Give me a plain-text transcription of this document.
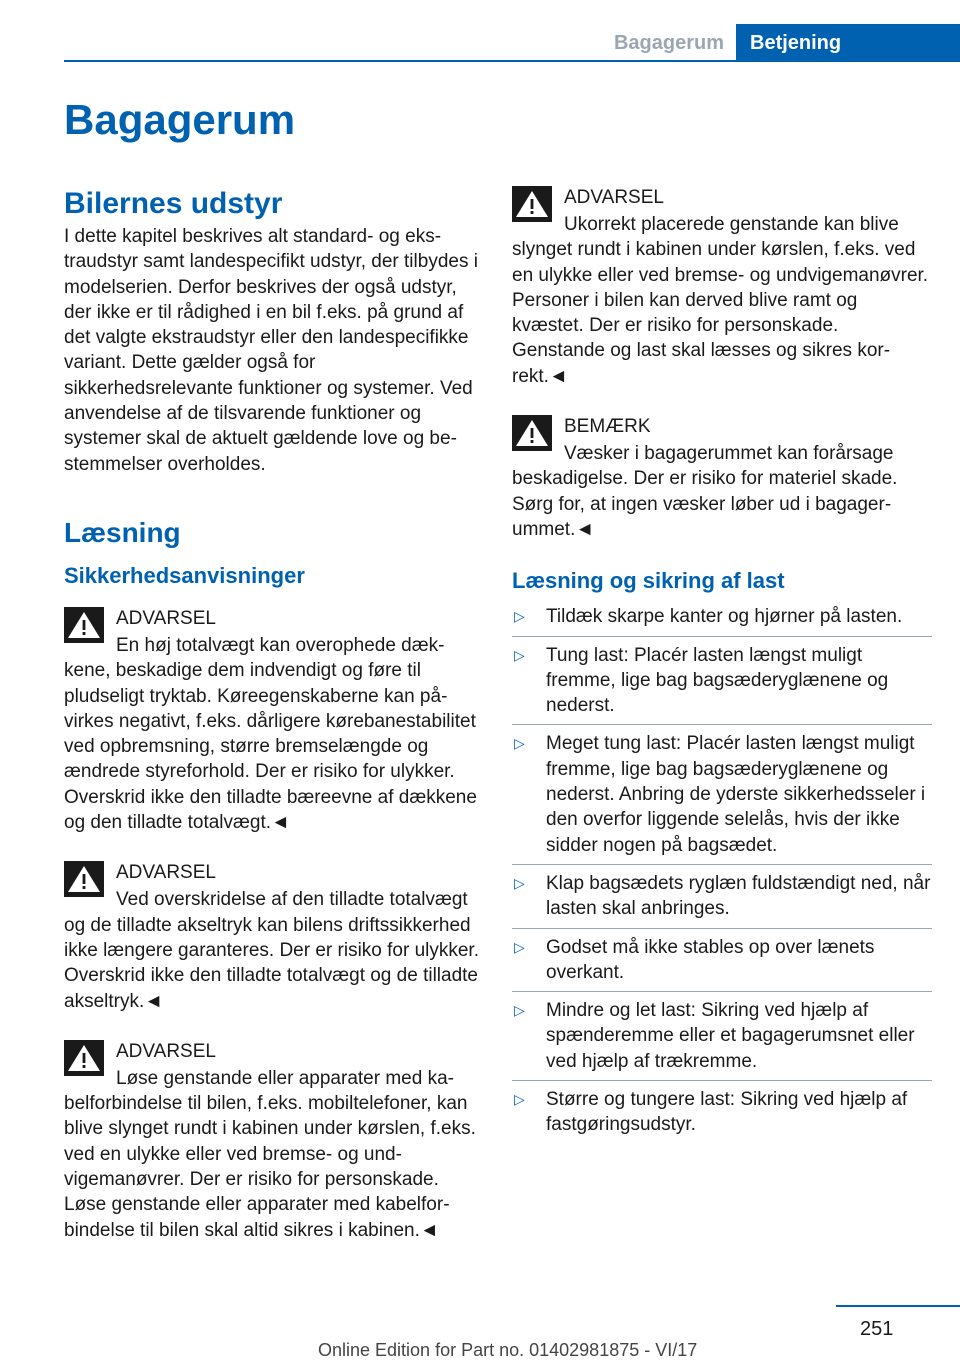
Bagagerum	Betjening
Bagagerum
Bilernes udstyr

I dette kapitel beskrives alt standard- og ekstraudstyr samt landespecifikt udstyr, der tilbydes i modelserien. Derfor beskrives der også udstyr, der ikke er til rådighed i en bil f.eks. på grund af det valgte ekstraudstyr eller den landespecifikke variant. Dette gælder også for sikkerhedsrelevante funktioner og systemer. Ved anvendelse af de tilsvarende funktioner og systemer skal de aktuelt gældende love og bestemmelser overholdes.

Læsning
Sikkerhedsanvisninger
ADVARSEL

En høj totalvægt kan overophede dækkene, beskadige dem indvendigt og føre til pludseligt tryktab. Køreegenskaberne kan påvirkes negativt, f.eks. dårligere kørebanestabilitet ved opbremsning, større bremselængde og ændrede styreforhold. Der er risiko for ulykker. Overskrid ikke den tilladte bæreevne af dækkene og den tilladte totalvægt.◄

ADVARSEL

Ved overskridelse af den tilladte totalvægt og de tilladte akseltryk kan bilens driftssikkerhed ikke længere garanteres. Der er risiko for ulykker. Overskrid ikke den tilladte totalvægt og de tilladte akseltryk.◄

ADVARSEL

Løse genstande eller apparater med kabelforbindelse til bilen, f.eks. mobiltelefoner, kan blive slynget rundt i kabinen under kørslen, f.eks. ved en ulykke eller ved bremse- og undvigemanøvrer. Der er risiko for personskade. Løse genstande eller apparater med kabelforbindelse til bilen skal altid sikres i kabinen.◄

ADVARSEL

Ukorrekt placerede genstande kan blive slynget rundt i kabinen under kørslen, f.eks. ved en ulykke eller ved bremse- og undvigemanøvrer. Personer i bilen kan derved blive ramt og kvæstet. Der er risiko for personskade. Genstande og last skal læsses og sikres korrekt.◄

BEMÆRK

Væsker i bagagerummet kan forårsage beskadigelse. Der er risiko for materiel skade. Sørg for, at ingen væsker løber ud i bagagerummet.◄

Læsning og sikring af last
▷ Tildæk skarpe kanter og hjørner på lasten.
▷ Tung last: Placér lasten længst muligt fremme, lige bag bagsæderyglænene og nederst.
▷ Meget tung last: Placér lasten længst muligt fremme, lige bag bagsæderyglænene og nederst. Anbring de yderste sikkerhedsseler i den overfor liggende selelås, hvis der ikke sidder nogen på bagsædet.
▷ Klap bagsædets ryglæn fuldstændigt ned, når lasten skal anbringes.
▷ Godset må ikke stables op over lænets overkant.
▷ Mindre og let last: Sikring ved hjælp af spænderemme eller et bagagerumsnet eller ved hjælp af trækremme.
▷ Større og tungere last: Sikring ved hjælp af fastgøringsudstyr.
251
Online Edition for Part no. 01402981875 - VI/17
